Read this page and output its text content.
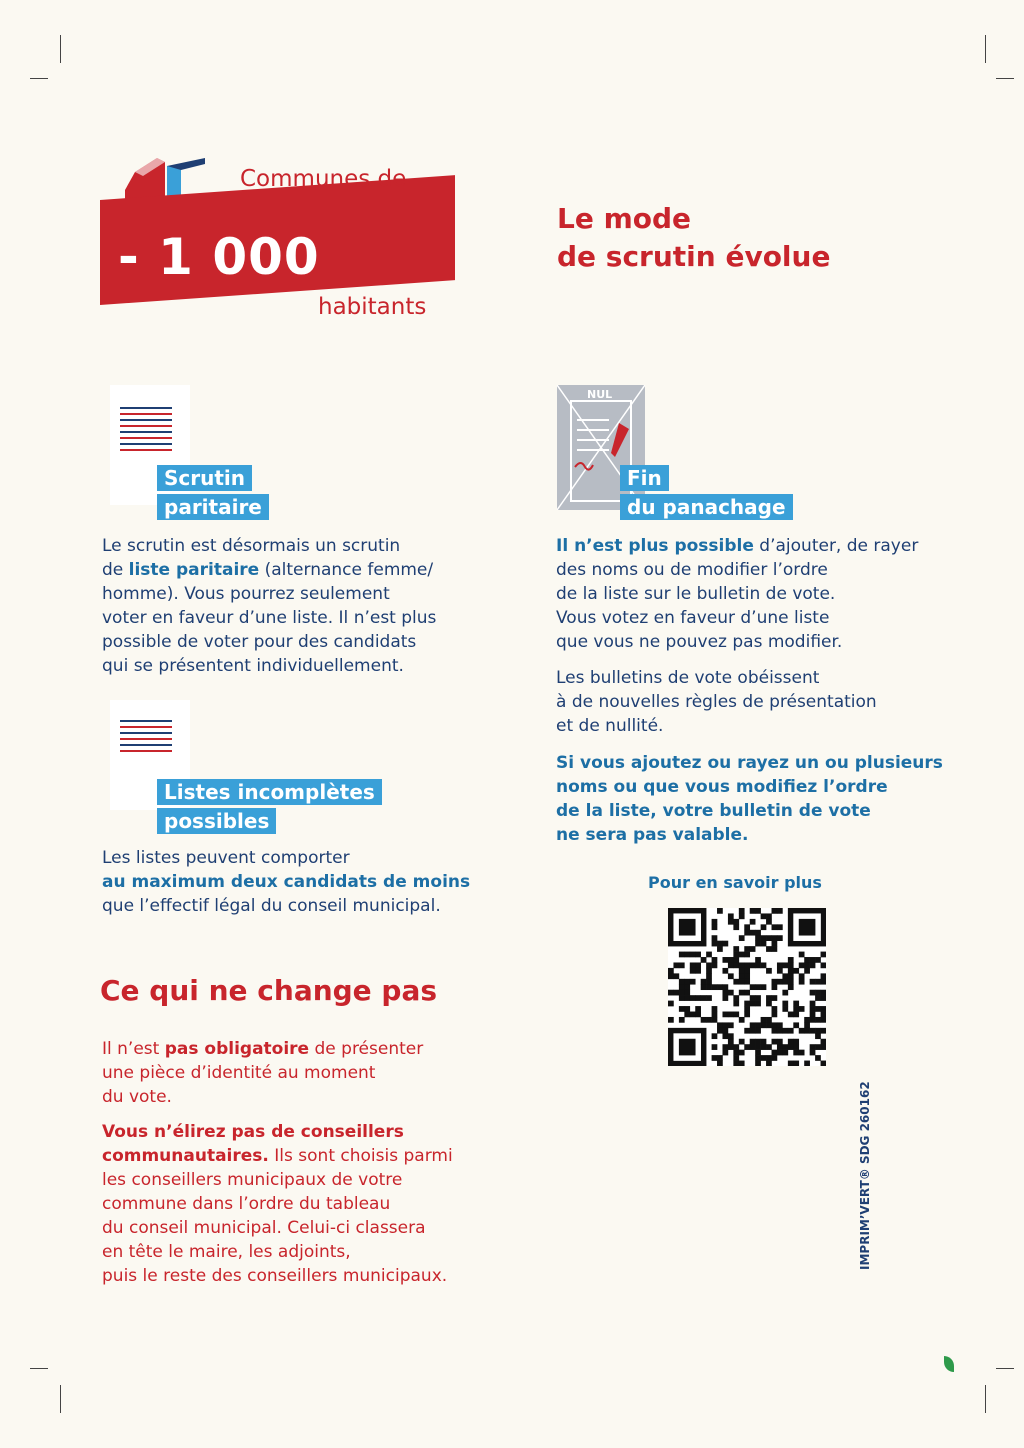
Communes de
- 1 000
habitants
Le mode
de scrutin évolue
Scrutin
paritaire
Le scrutin est désormais un scrutin
de liste paritaire (alternance femme/
homme). Vous pourrez seulement
voter en faveur d’une liste. Il n’est plus
possible de voter pour des candidats
qui se présentent individuellement.
Listes incomplètes
possibles
Les listes peuvent comporter
au maximum deux candidats de moins
que l’effectif légal du conseil municipal.
Ce qui ne change pas
Il n’est pas obligatoire de présenter
une pièce d’identité au moment
du vote.
Vous n’élirez pas de conseillers
communautaires. Ils sont choisis parmi
les conseillers municipaux de votre
commune dans l’ordre du tableau
du conseil municipal. Celui-ci classera
en tête le maire, les adjoints,
puis le reste des conseillers municipaux.
NUL
Fin
du panachage
Il n’est plus possible d’ajouter, de rayer
des noms ou de modifier l’ordre
de la liste sur le bulletin de vote.
Vous votez en faveur d’une liste
que vous ne pouvez pas modifier.
Les bulletins de vote obéissent
à de nouvelles règles de présentation
et de nullité.
Si vous ajoutez ou rayez un ou plusieurs
noms ou que vous modifiez l’ordre
de la liste, votre bulletin de vote
ne sera pas valable.
Pour en savoir plus
IMPRIM’VERT® SDG 260162
